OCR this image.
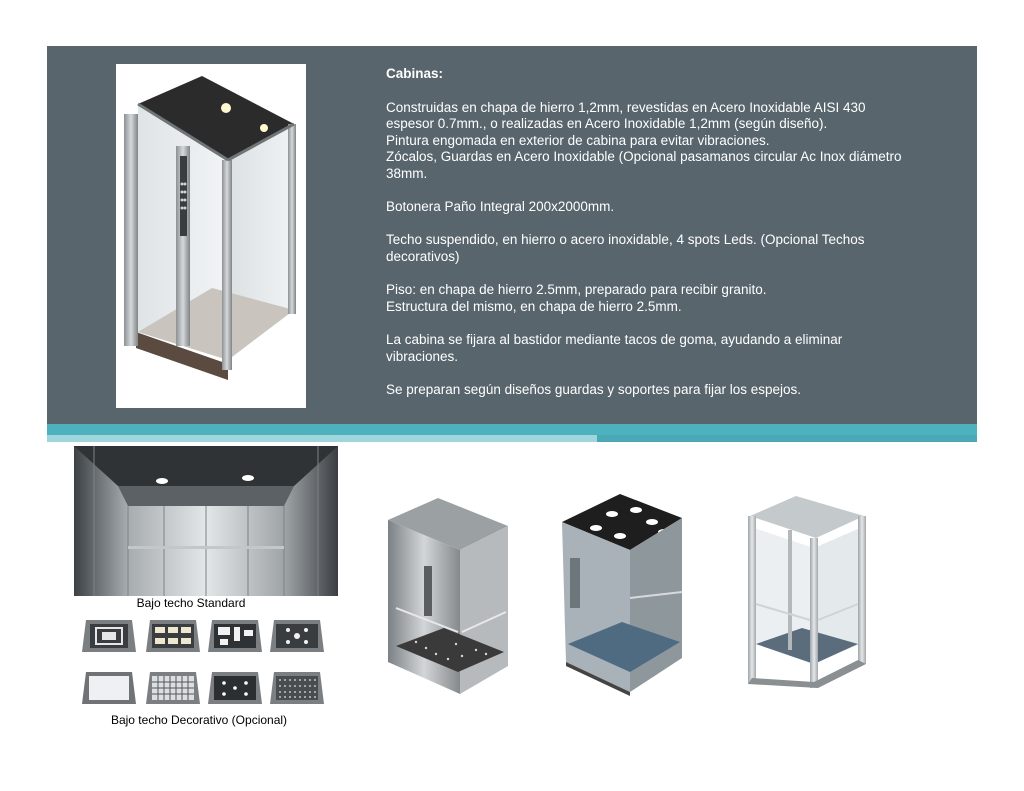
Cabinas:

Construidas en chapa de hierro 1,2mm, revestidas en Acero Inoxidable AISI 430
espesor 0.7mm., o realizadas en Acero Inoxidable 1,2mm (según diseño).
Pintura engomada en exterior de cabina para evitar vibraciones.
Zócalos, Guardas en Acero Inoxidable (Opcional pasamanos circular Ac Inox diámetro
38mm.

Botonera Paño Integral 200x2000mm.

Techo suspendido, en hierro o acero inoxidable, 4 spots Leds. (Opcional Techos
decorativos)

Piso: en chapa de hierro 2.5mm, preparado para recibir granito.
Estructura del mismo, en chapa de hierro 2.5mm.

La cabina se fijara al bastidor mediante tacos de goma, ayudando a eliminar
vibraciones.

Se preparan según diseños guardas y soportes para fijar los espejos.

Bajo techo Standard
Bajo techo Decorativo (Opcional)
